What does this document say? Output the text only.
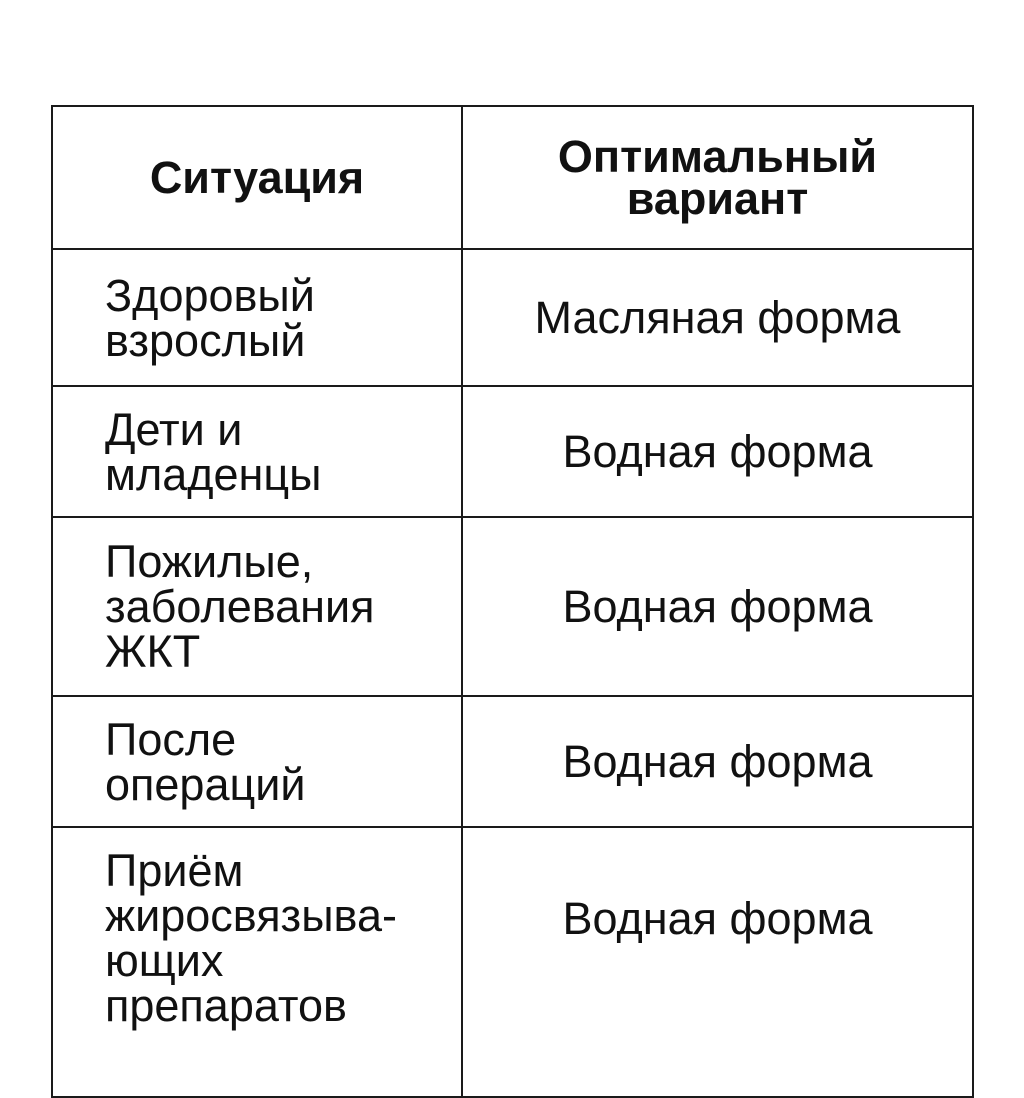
Ситуация	Оптимальный
вариант
Здоровый
взрослый	Масляная форма
Дети и
младенцы	Водная форма
Пожилые,
заболевания
ЖКТ	Водная форма
После
операций	Водная форма
Приём
жиросвязыва-
ющих
препаратов	Водная форма
